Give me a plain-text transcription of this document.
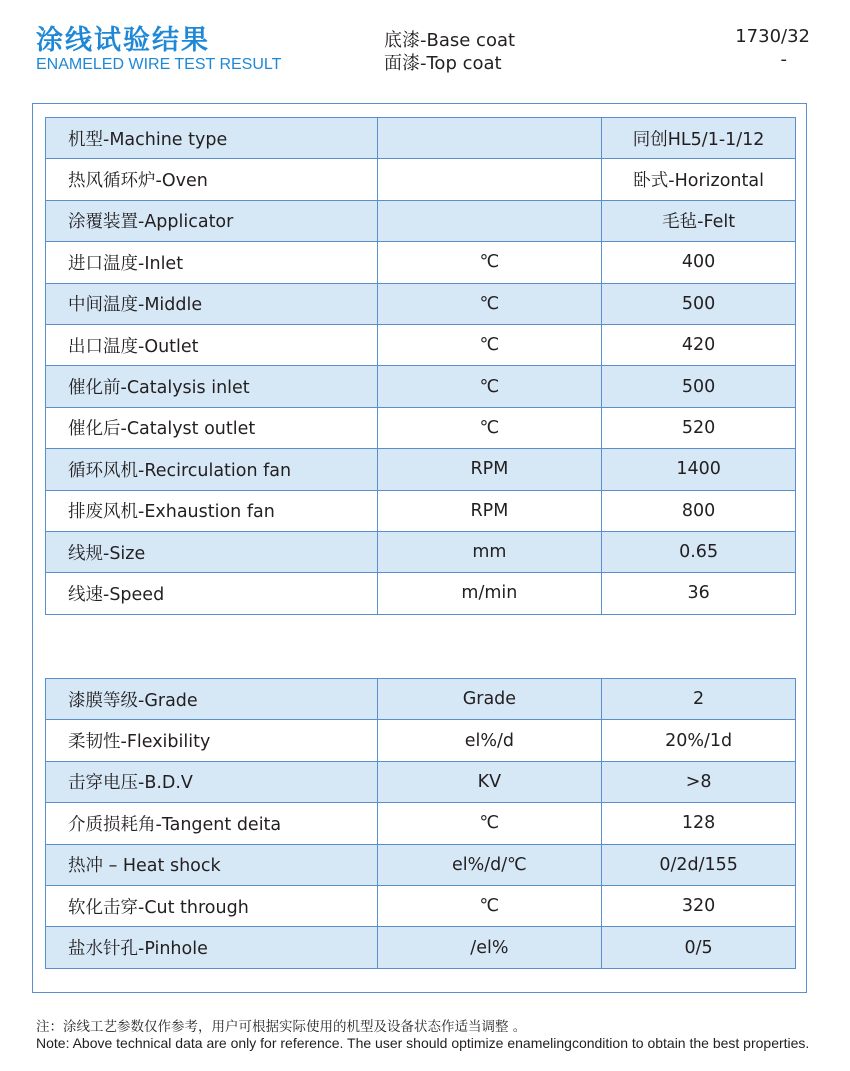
涂线试验结果
ENAMELED WIRE TEST RESULT
底漆-Base coat
面漆-Top coat
1730/32
-
机型-Machine type		同创HL5/1-1/12
热风循环炉-Oven		卧式-Horizontal
涂覆装置-Applicator		毛毡-Felt
进口温度-Inlet	℃	400
中间温度-Middle	℃	500
出口温度-Outlet	℃	420
催化前-Catalysis inlet	℃	500
催化后-Catalyst outlet	℃	520
循环风机-Recirculation fan	RPM	1400
排废风机-Exhaustion fan	RPM	800
线规-Size	mm	0.65
线速-Speed	m/min	36
漆膜等级-Grade	Grade	2
柔韧性-Flexibility	el%/d	20%/1d
击穿电压-B.D.V	KV	>8
介质损耗角-Tangent deita	℃	128
热冲 – Heat shock	el%/d/℃	0/2d/155
软化击穿-Cut through	℃	320
盐水针孔-Pinhole	/el%	0/5
注：涂线工艺参数仅作参考，用户可根据实际使用的机型及设备状态作适当调整 。
Note: Above technical data are only for reference. The user should optimize enamelingcondition to obtain the best properties.
